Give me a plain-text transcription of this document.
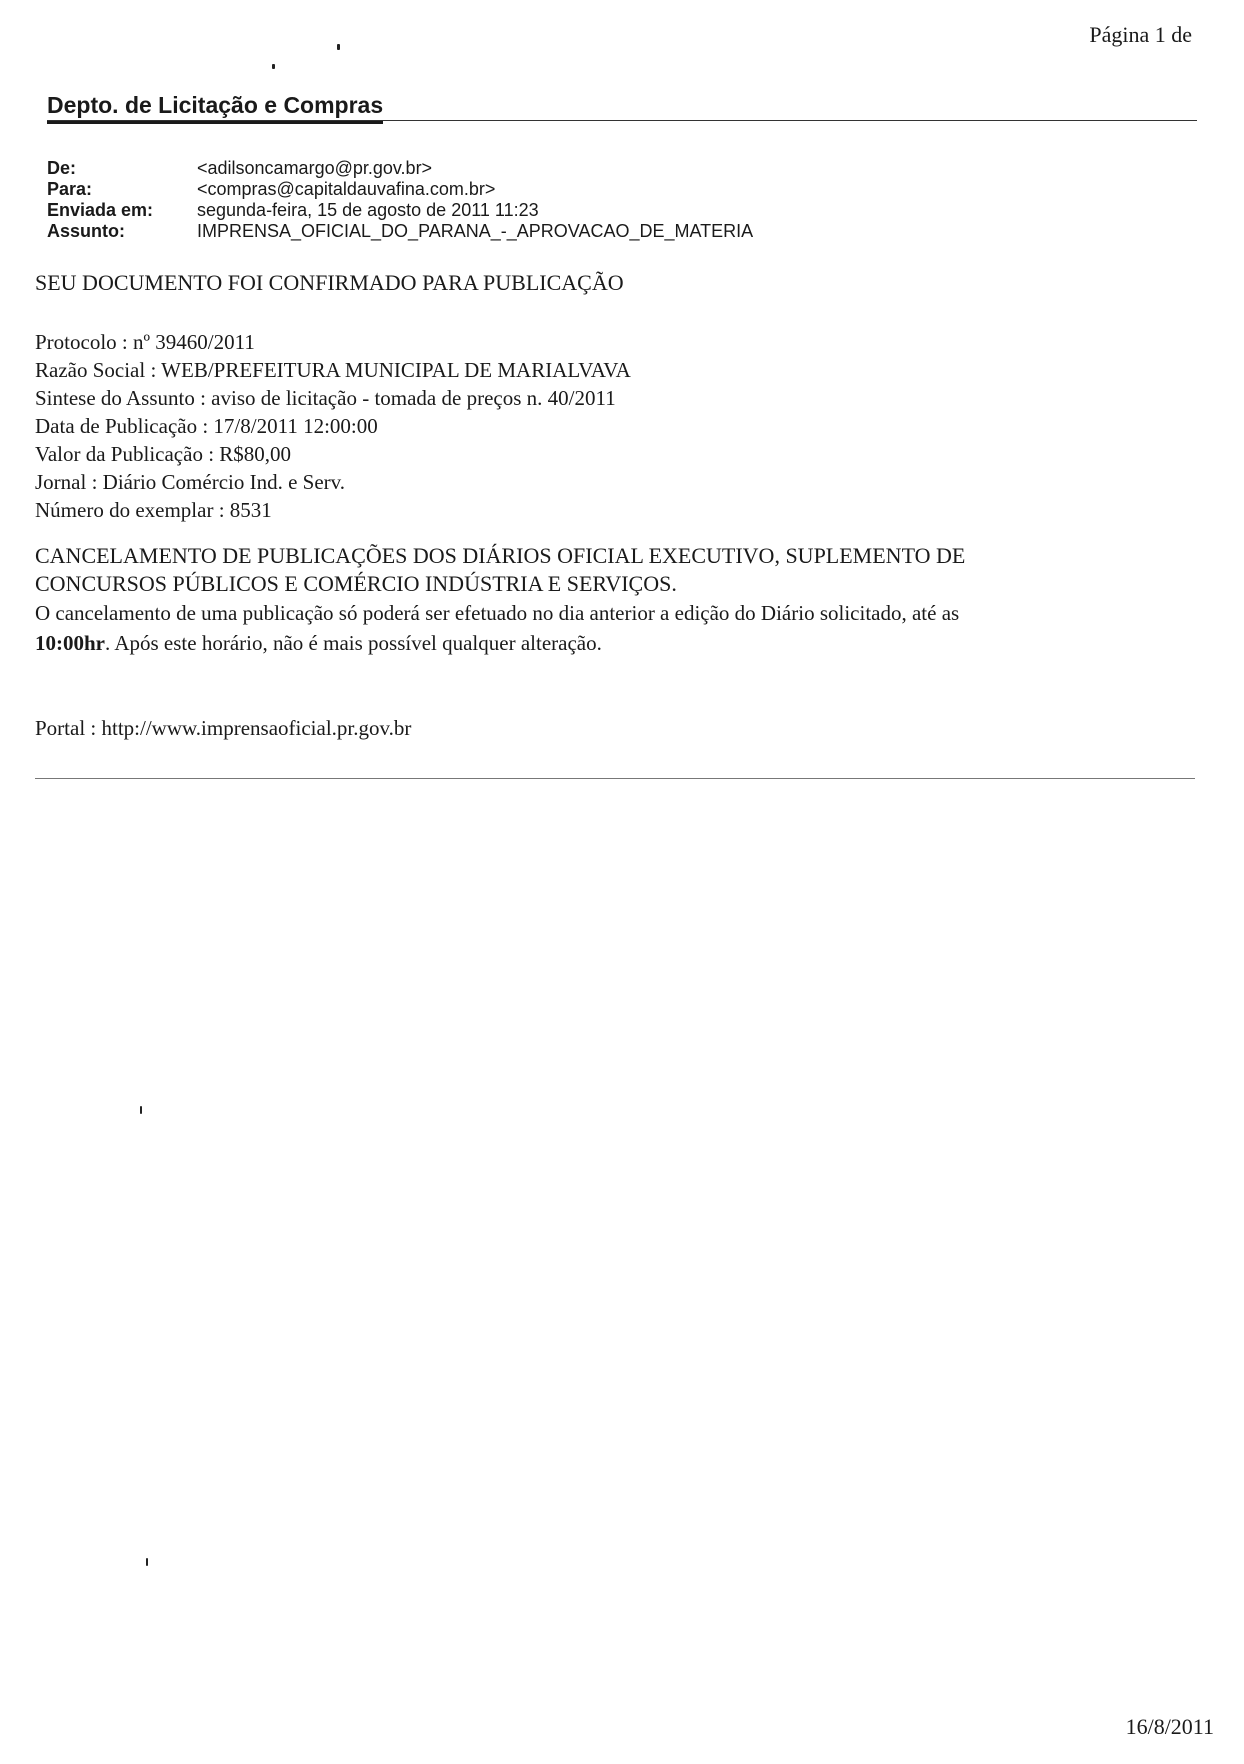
Página 1 de
Depto. de Licitação e Compras
De:	<adilsoncamargo@pr.gov.br>
Para:	<compras@capitaldauvafina.com.br>
Enviada em:	segunda-feira, 15 de agosto de 2011 11:23
Assunto:	IMPRENSA_OFICIAL_DO_PARANA_-_APROVACAO_DE_MATERIA
SEU DOCUMENTO FOI CONFIRMADO PARA PUBLICAÇÃO
Protocolo : nº 39460/2011
Razão Social : WEB/PREFEITURA MUNICIPAL DE MARIALVAVA
Sintese do Assunto : aviso de licitação - tomada de preços n. 40/2011
Data de Publicação : 17/8/2011 12:00:00
Valor da Publicação : R$80,00
Jornal : Diário Comércio Ind. e Serv.
Número do exemplar : 8531
CANCELAMENTO DE PUBLICAÇÕES DOS DIÁRIOS OFICIAL EXECUTIVO, SUPLEMENTO DE
CONCURSOS PÚBLICOS E COMÉRCIO INDÚSTRIA E SERVIÇOS.
O cancelamento de uma publicação só poderá ser efetuado no dia anterior a edição do Diário solicitado, até as
10:00hr. Após este horário, não é mais possível qualquer alteração.
Portal : http://www.imprensaoficial.pr.gov.br
16/8/2011
